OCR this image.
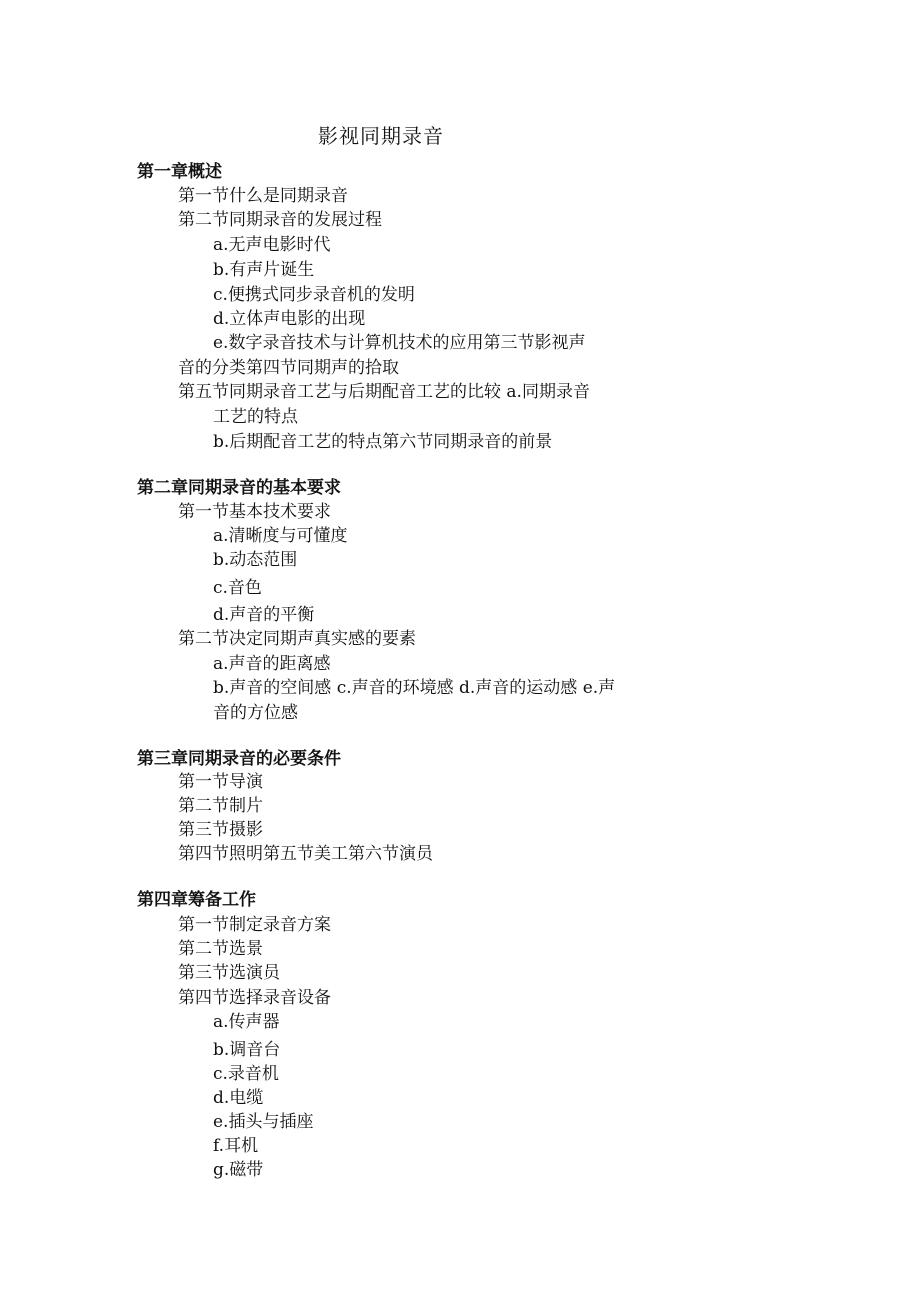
影视同期录音
第一章概述
第一节什么是同期录音
第二节同期录音的发展过程
a.无声电影时代
b.有声片诞生
c.便携式同步录音机的发明
d.立体声电影的出现
e.数字录音技术与计算机技术的应用第三节影视声
音的分类第四节同期声的拾取
第五节同期录音工艺与后期配音工艺的比较 a.同期录音
工艺的特点
b.后期配音工艺的特点第六节同期录音的前景
第二章同期录音的基本要求
第一节基本技术要求
a.清晰度与可懂度
b.动态范围
c.音色
d.声音的平衡
第二节决定同期声真实感的要素
a.声音的距离感
b.声音的空间感 c.声音的环境感 d.声音的运动感 e.声
音的方位感
第三章同期录音的必要条件
第一节导演
第二节制片
第三节摄影
第四节照明第五节美工第六节演员
第四章筹备工作
第一节制定录音方案
第二节选景
第三节选演员
第四节选择录音设备
a.传声器
b.调音台
c.录音机
d.电缆
e.插头与插座
f.耳机
g.磁带
